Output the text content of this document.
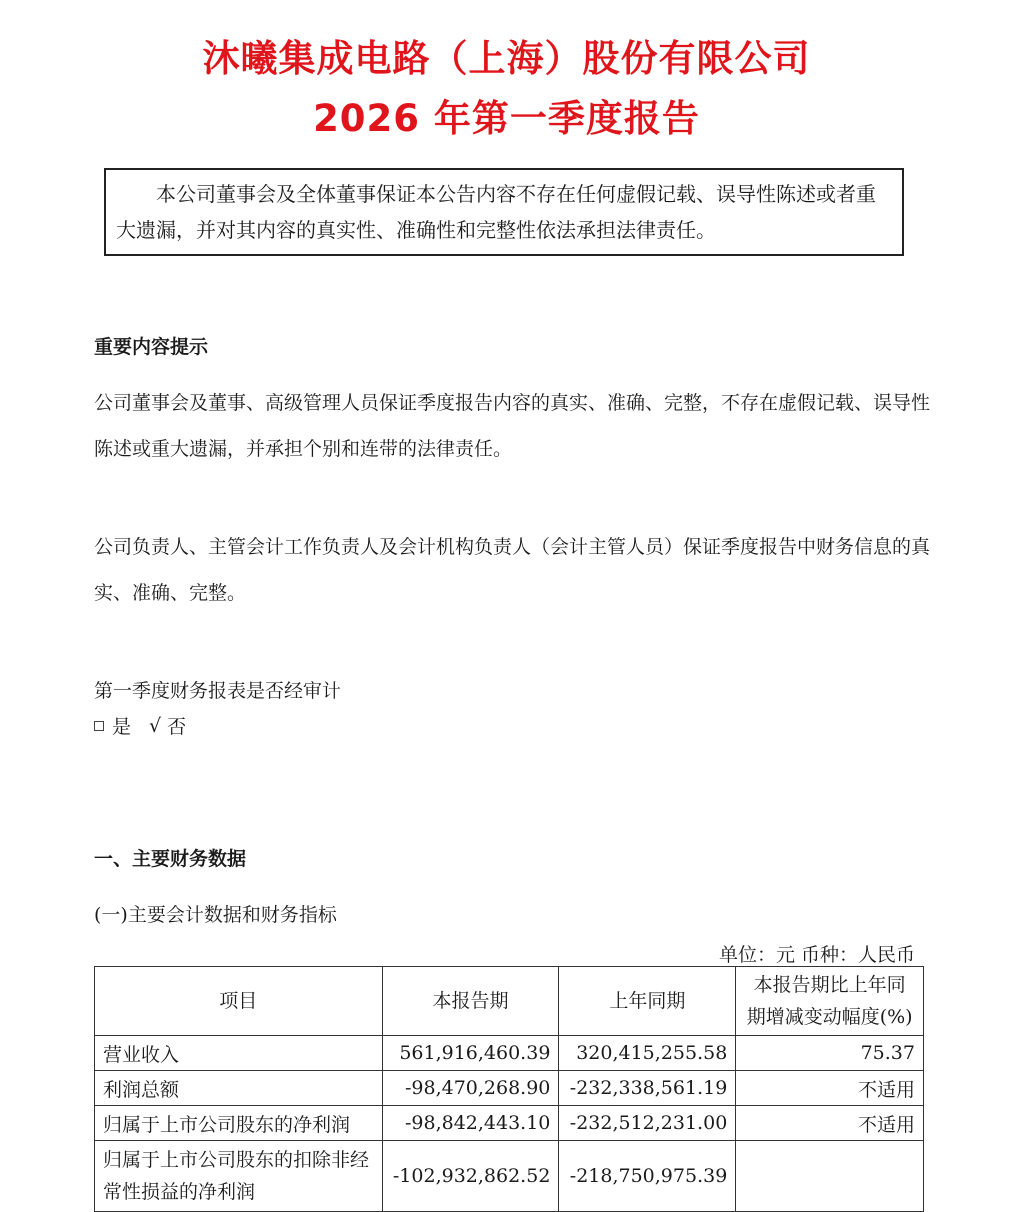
沐曦集成电路（上海）股份有限公司
2026 年第一季度报告

本公司董事会及全体董事保证本公告内容不存在任何虚假记载、误导性陈述或者重大遗漏，并对其内容的真实性、准确性和完整性依法承担法律责任。

重要内容提示

公司董事会及董事、高级管理人员保证季度报告内容的真实、准确、完整，不存在虚假记载、误导性陈述或重大遗漏，并承担个别和连带的法律责任。

公司负责人、主管会计工作负责人及会计机构负责人（会计主管人员）保证季度报告中财务信息的真实、准确、完整。

第一季度财务报表是否经审计

是 √ 否
一、主要财务数据

(一)主要会计数据和财务指标

单位：元 币种：人民币
项目	本报告期	上年同期	本报告期比上年同期增减变动幅度(%)
营业收入	561,916,460.39	320,415,255.58	75.37
利润总额	-98,470,268.90	-232,338,561.19	不适用
归属于上市公司股东的净利润	-98,842,443.10	-232,512,231.00	不适用
归属于上市公司股东的扣除非经常性损益的净利润	-102,932,862.52	-218,750,975.39	
